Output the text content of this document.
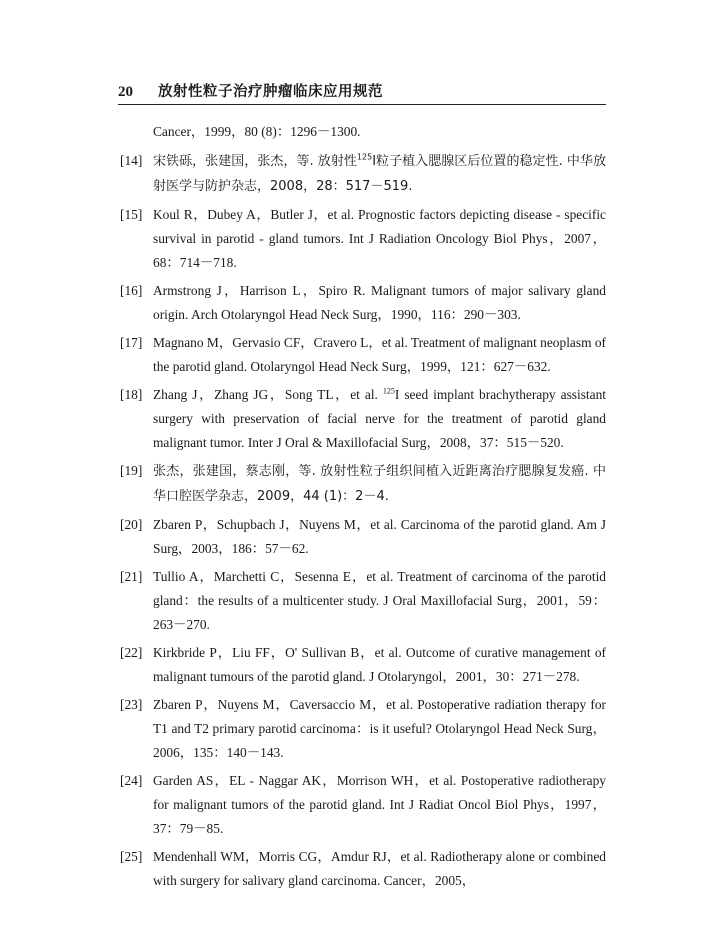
20	放射性粒子治疗肿瘤临床应用规范
Cancer，1999，80 (8)：1296－1300.
[14] 宋铁砾，张建国，张杰，等. 放射性$^{125}$I粒子植入腮腺区后位置的稳定性. 中华放射医学与防护杂志，2008，28：517－519.
[15] Koul R，Dubey A，Butler J，et al. Prognostic factors depicting disease - specific survival in parotid - gland tumors. Int J Radiation Oncology Biol Phys，2007，68：714－718.
[16] Armstrong J，Harrison L，Spiro R. Malignant tumors of major salivary gland origin. Arch Otolaryngol Head Neck Surg，1990，116：290－303.
[17] Magnano M，Gervasio CF，Cravero L，et al. Treatment of malignant neoplasm of the parotid gland. Otolaryngol Head Neck Surg，1999，121：627－632.
[18] Zhang J，Zhang JG，Song TL，et al. $^{125}$I seed implant brachytherapy assistant surgery with preservation of facial nerve for the treatment of parotid gland malignant tumor. Inter J Oral & Maxillofacial Surg，2008，37：515－520.
[19] 张杰，张建国，蔡志刚，等. 放射性粒子组织间植入近距离治疗腮腺复发癌. 中华口腔医学杂志，2009，44 (1)：2－4.
[20] Zbaren P，Schupbach J，Nuyens M，et al. Carcinoma of the parotid gland. Am J Surg，2003，186：57－62.
[21] Tullio A，Marchetti C，Sesenna E，et al. Treatment of carcinoma of the parotid gland：the results of a multicenter study. J Oral Maxillofacial Surg，2001，59：263－270.
[22] Kirkbride P，Liu FF，O' Sullivan B，et al. Outcome of curative management of malignant tumours of the parotid gland. J Otolaryngol，2001，30：271－278.
[23] Zbaren P，Nuyens M，Caversaccio M，et al. Postoperative radiation therapy for T1 and T2 primary parotid carcinoma：is it useful? Otolaryngol Head Neck Surg，2006，135：140－143.
[24] Garden AS，EL - Naggar AK，Morrison WH，et al. Postoperative radiotherapy for malignant tumors of the parotid gland. Int J Radiat Oncol Biol Phys，1997，37：79－85.
[25] Mendenhall WM，Morris CG，Amdur RJ，et al. Radiotherapy alone or combined with surgery for salivary gland carcinoma. Cancer，2005，
